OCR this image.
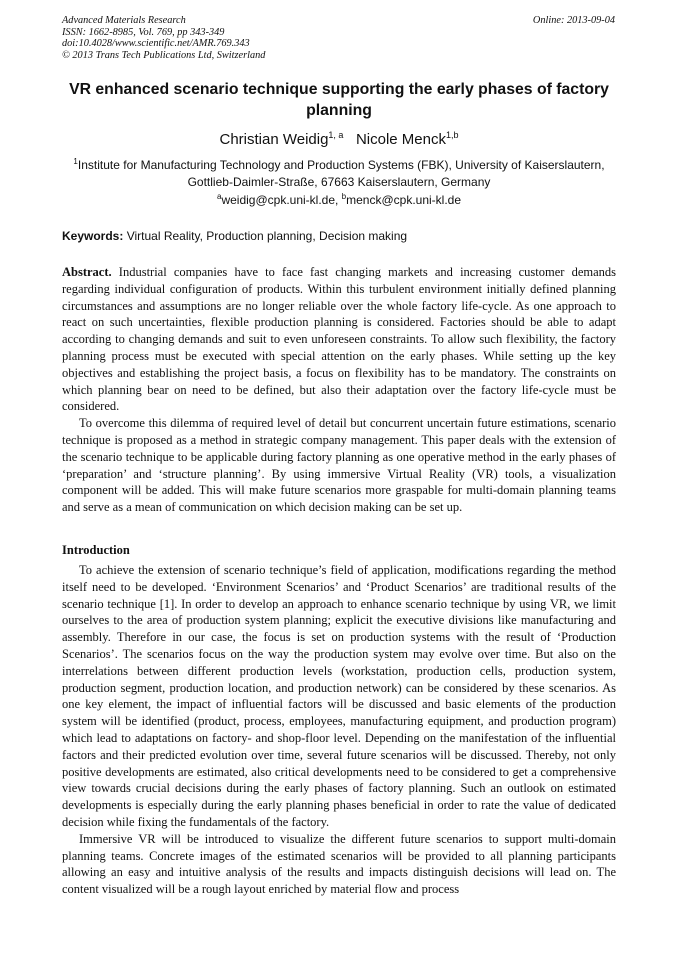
Advanced Materials Research
ISSN: 1662-8985, Vol. 769, pp 343-349
doi:10.4028/www.scientific.net/AMR.769.343
© 2013 Trans Tech Publications Ltd, Switzerland
Online: 2013-09-04
VR enhanced scenario technique supporting the early phases of factory planning
Christian Weidig$^{1, a}$ Nicole Menck$^{1,b}$
$^1$Institute for Manufacturing Technology and Production Systems (FBK), University of Kaiserslautern, Gottlieb-Daimler-Straße, 67663 Kaiserslautern, Germany
$^a$weidig@cpk.uni-kl.de, $^b$menck@cpk.uni-kl.de
Keywords: Virtual Reality, Production planning, Decision making

Abstract. Industrial companies have to face fast changing markets and increasing customer demands regarding individual configuration of products. Within this turbulent environment initially defined planning circumstances and assumptions are no longer reliable over the whole factory life-cycle. As one approach to react on such uncertainties, flexible production planning is considered. Factories should be able to adapt according to changing demands and suit to even unforeseen constraints. To allow such flexibility, the factory planning process must be executed with special attention on the early phases. While setting up the key objectives and establishing the project basis, a focus on flexibility has to be mandatory. The constraints on which planning bear on need to be defined, but also their adaptation over the factory life-cycle must be considered.

To overcome this dilemma of required level of detail but concurrent uncertain future estimations, scenario technique is proposed as a method in strategic company management. This paper deals with the extension of the scenario technique to be applicable during factory planning as one operative method in the early phases of ‘preparation’ and ‘structure planning’. By using immersive Virtual Reality (VR) tools, a visualization component will be added. This will make future scenarios more graspable for multi-domain planning teams and serve as a mean of communication on which decision making can be set up.

Introduction

To achieve the extension of scenario technique’s field of application, modifications regarding the method itself need to be developed. ‘Environment Scenarios’ and ‘Product Scenarios’ are traditional results of the scenario technique [1]. In order to develop an approach to enhance scenario technique by using VR, we limit ourselves to the area of production system planning; explicit the executive divisions like manufacturing and assembly. Therefore in our case, the focus is set on production systems with the result of ‘Production Scenarios’. The scenarios focus on the way the production system may evolve over time. But also on the interrelations between different production levels (workstation, production cells, production system, production segment, production location, and production network) can be considered by these scenarios. As one key element, the impact of influential factors will be discussed and basic elements of the production system will be identified (product, process, employees, manufacturing equipment, and production program) which lead to adaptations on factory- and shop-floor level. Depending on the manifestation of the influential factors and their predicted evolution over time, several future scenarios will be discussed. Thereby, not only positive developments are estimated, also critical developments need to be considered to get a comprehensive view towards crucial decisions during the early phases of factory planning. Such an outlook on estimated developments is especially during the early planning phases beneficial in order to rate the value of dedicated decision while fixing the fundamentals of the factory.

Immersive VR will be introduced to visualize the different future scenarios to support multi-domain planning teams. Concrete images of the estimated scenarios will be provided to all planning participants allowing an easy and intuitive analysis of the results and impacts distinguish decisions will lead on. The content visualized will be a rough layout enriched by material flow and process
